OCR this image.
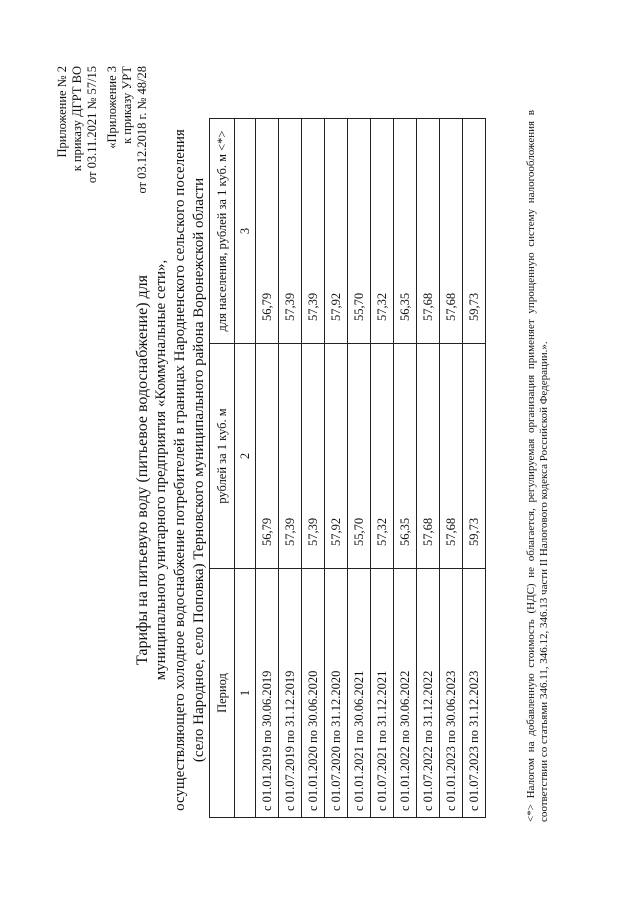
Приложение № 2 к приказу ДГРТ ВО от 03.11.2021 № 57/15 «Приложение 3 к приказу УРТ от 03.12.2018 г. № 48/28
Тарифы на питьевую воду (питьевое водоснабжение) для муниципального унитарного предприятия «Коммунальные сети», осуществляющего холодное водоснабжение потребителей в границах Народненского сельского поселения (село Народное, село Поповка) Терновского муниципального района Воронежской области Период	рублей за 1 куб. м	для населения, рублей за 1 куб. м <*>
1	2	3
с 01.01.2019 по 30.06.2019	56,79	56,79
с 01.07.2019 по 31.12.2019	57,39	57,39
с 01.01.2020 по 30.06.2020	57,39	57,39
с 01.07.2020 по 31.12.2020	57,92	57,92
с 01.01.2021 по 30.06.2021	55,70	55,70
с 01.07.2021 по 31.12.2021	57,32	57,32
с 01.01.2022 по 30.06.2022	56,35	56,35
с 01.07.2022 по 31.12.2022	57,68	57,68
с 01.01.2023 по 30.06.2023	57,68	57,68
с 01.07.2023 по 31.12.2023	59,73	59,73	<*> Налогом на добавленную стоимость (НДС) не облагается, регулируемая организация применяет упрощенную систему налогообложения в соответствии со статьями 346.11, 346.12, 346.13 части II Налогового кодекса Российской Федерации.».
